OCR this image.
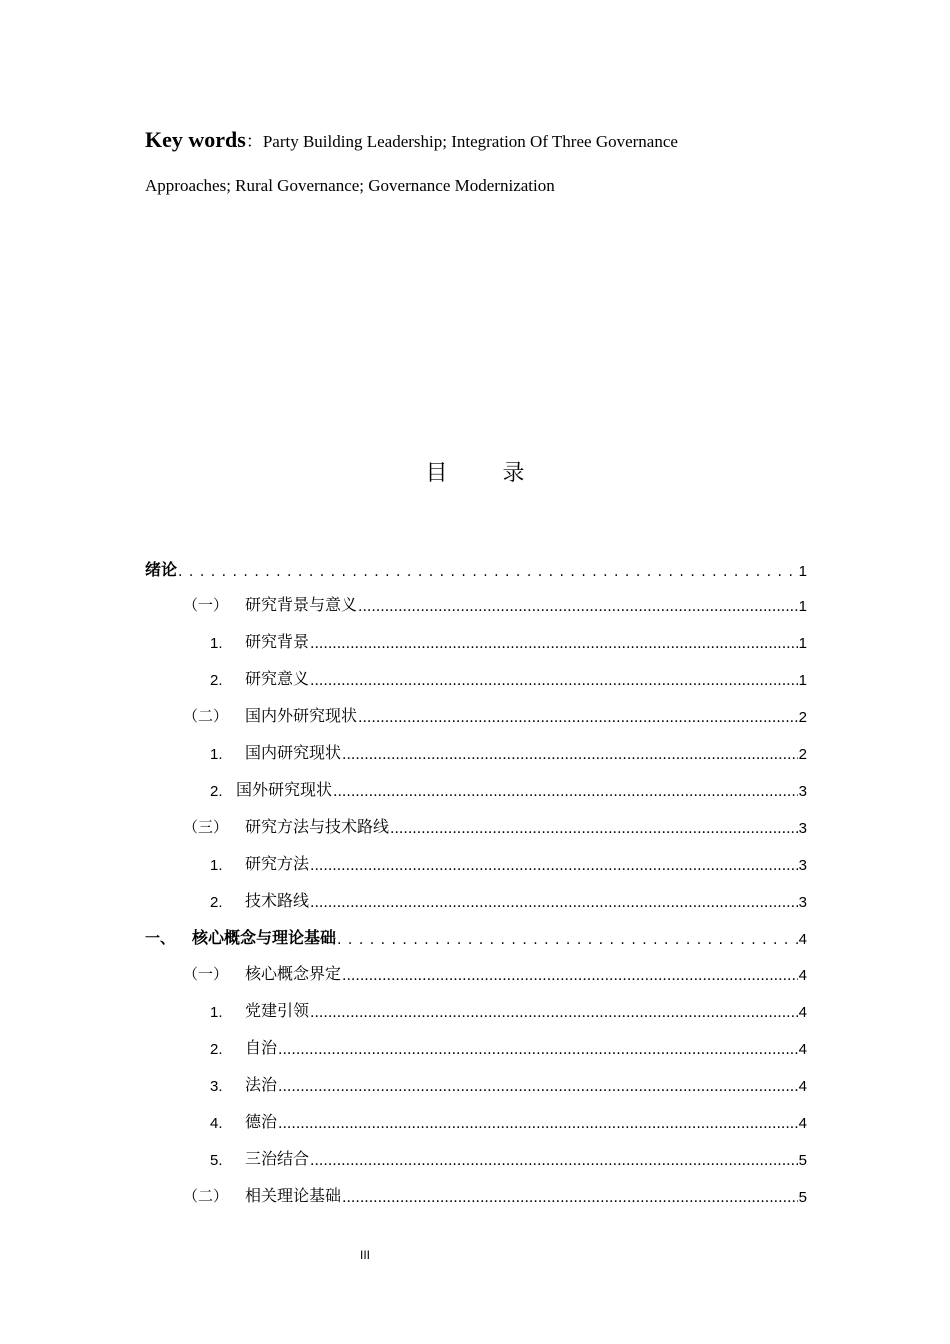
Key words：Party Building Leadership; Integration Of Three Governance
Approaches; Rural Governance; Governance Modernization
目 录
绪论 . . .	1
（一）	研究背景与意义 .....	1
1.	研究背景 .....	1
2.	研究意义 .....	1
（二）	国内外研究现状 .....	2
1.	国内研究现状 .....	2
2. 国外研究现状 .....	3
（三）	研究方法与技术路线 .....	3
1.	研究方法 .....	3
2.	技术路线 .....	3
一、	核心概念与理论基础 . . .	4
（一）	核心概念界定 .....	4
1.	党建引领 .....	4
2.	自治 .....	4
3.	法治 .....	4
4.	德治 .....	4
5.	三治结合 .....	5
（二）	相关理论基础 .....	5
III
